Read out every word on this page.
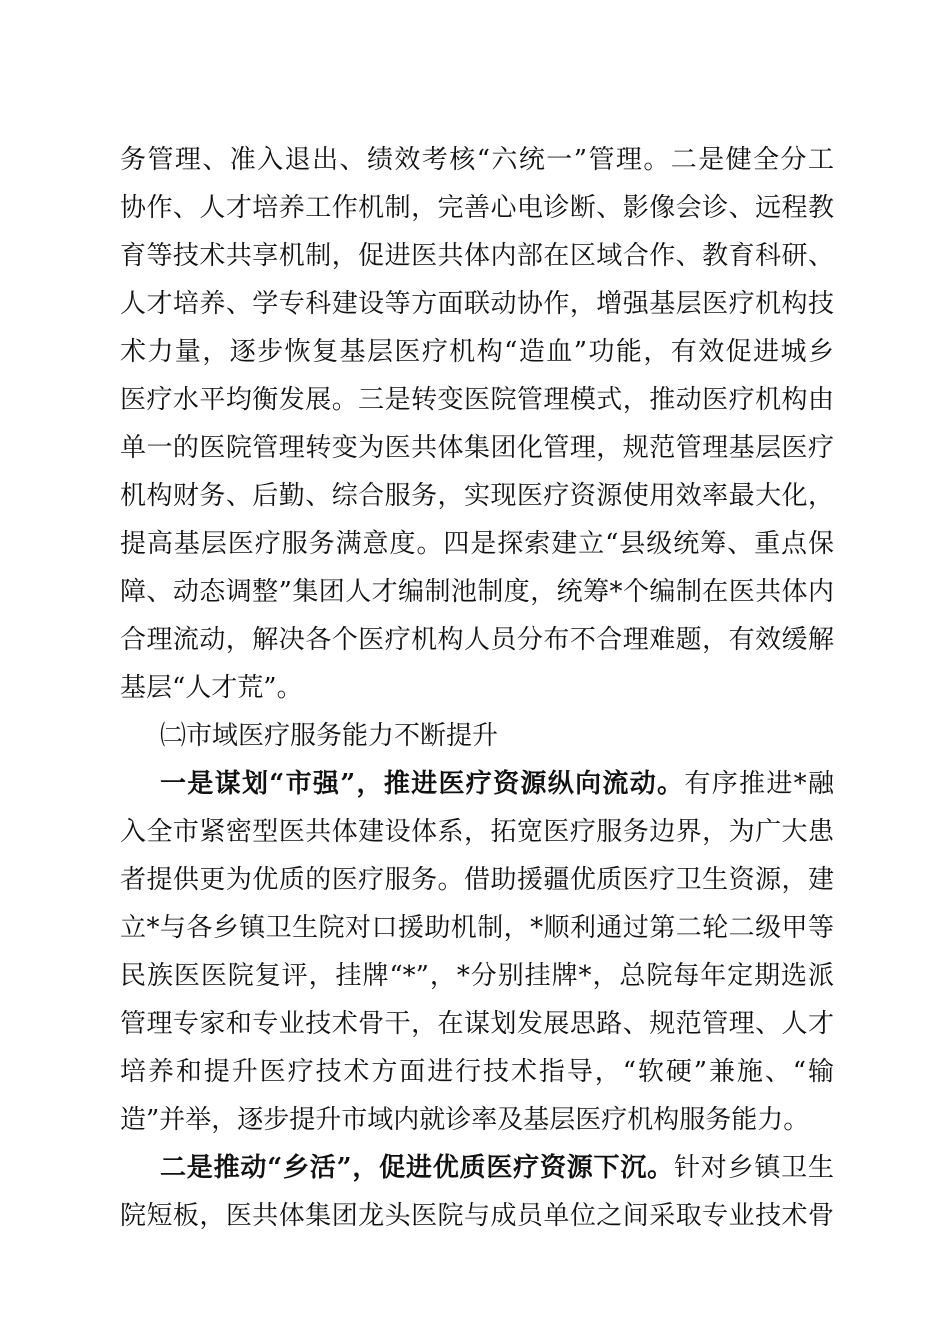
务管理、准入退出、绩效考核“六统一”管理。二是健全分工
协作、人才培养工作机制，完善心电诊断、影像会诊、远程教
育等技术共享机制，促进医共体内部在区域合作、教育科研、
人才培养、学专科建设等方面联动协作，增强基层医疗机构技
术力量，逐步恢复基层医疗机构“造血”功能，有效促进城乡
医疗水平均衡发展。三是转变医院管理模式，推动医疗机构由
单一的医院管理转变为医共体集团化管理，规范管理基层医疗
机构财务、后勤、综合服务，实现医疗资源使用效率最大化，
提高基层医疗服务满意度。四是探索建立“县级统筹、重点保
障、动态调整”集团人才编制池制度，统筹*个编制在医共体内
合理流动，解决各个医疗机构人员分布不合理难题，有效缓解
基层“人才荒”。
㈡市域医疗服务能力不断提升
一是谋划“市强”，推进医疗资源纵向流动。有序推进*融
入全市紧密型医共体建设体系，拓宽医疗服务边界，为广大患
者提供更为优质的医疗服务。借助援疆优质医疗卫生资源，建
立*与各乡镇卫生院对口援助机制，*顺利通过第二轮二级甲等
民族医医院复评，挂牌“*”，*分别挂牌*，总院每年定期选派
管理专家和专业技术骨干，在谋划发展思路、规范管理、人才
培养和提升医疗技术方面进行技术指导，“软硬”兼施、“输
造”并举，逐步提升市域内就诊率及基层医疗机构服务能力。
二是推动“乡活”，促进优质医疗资源下沉。针对乡镇卫生
院短板，医共体集团龙头医院与成员单位之间采取专业技术骨
